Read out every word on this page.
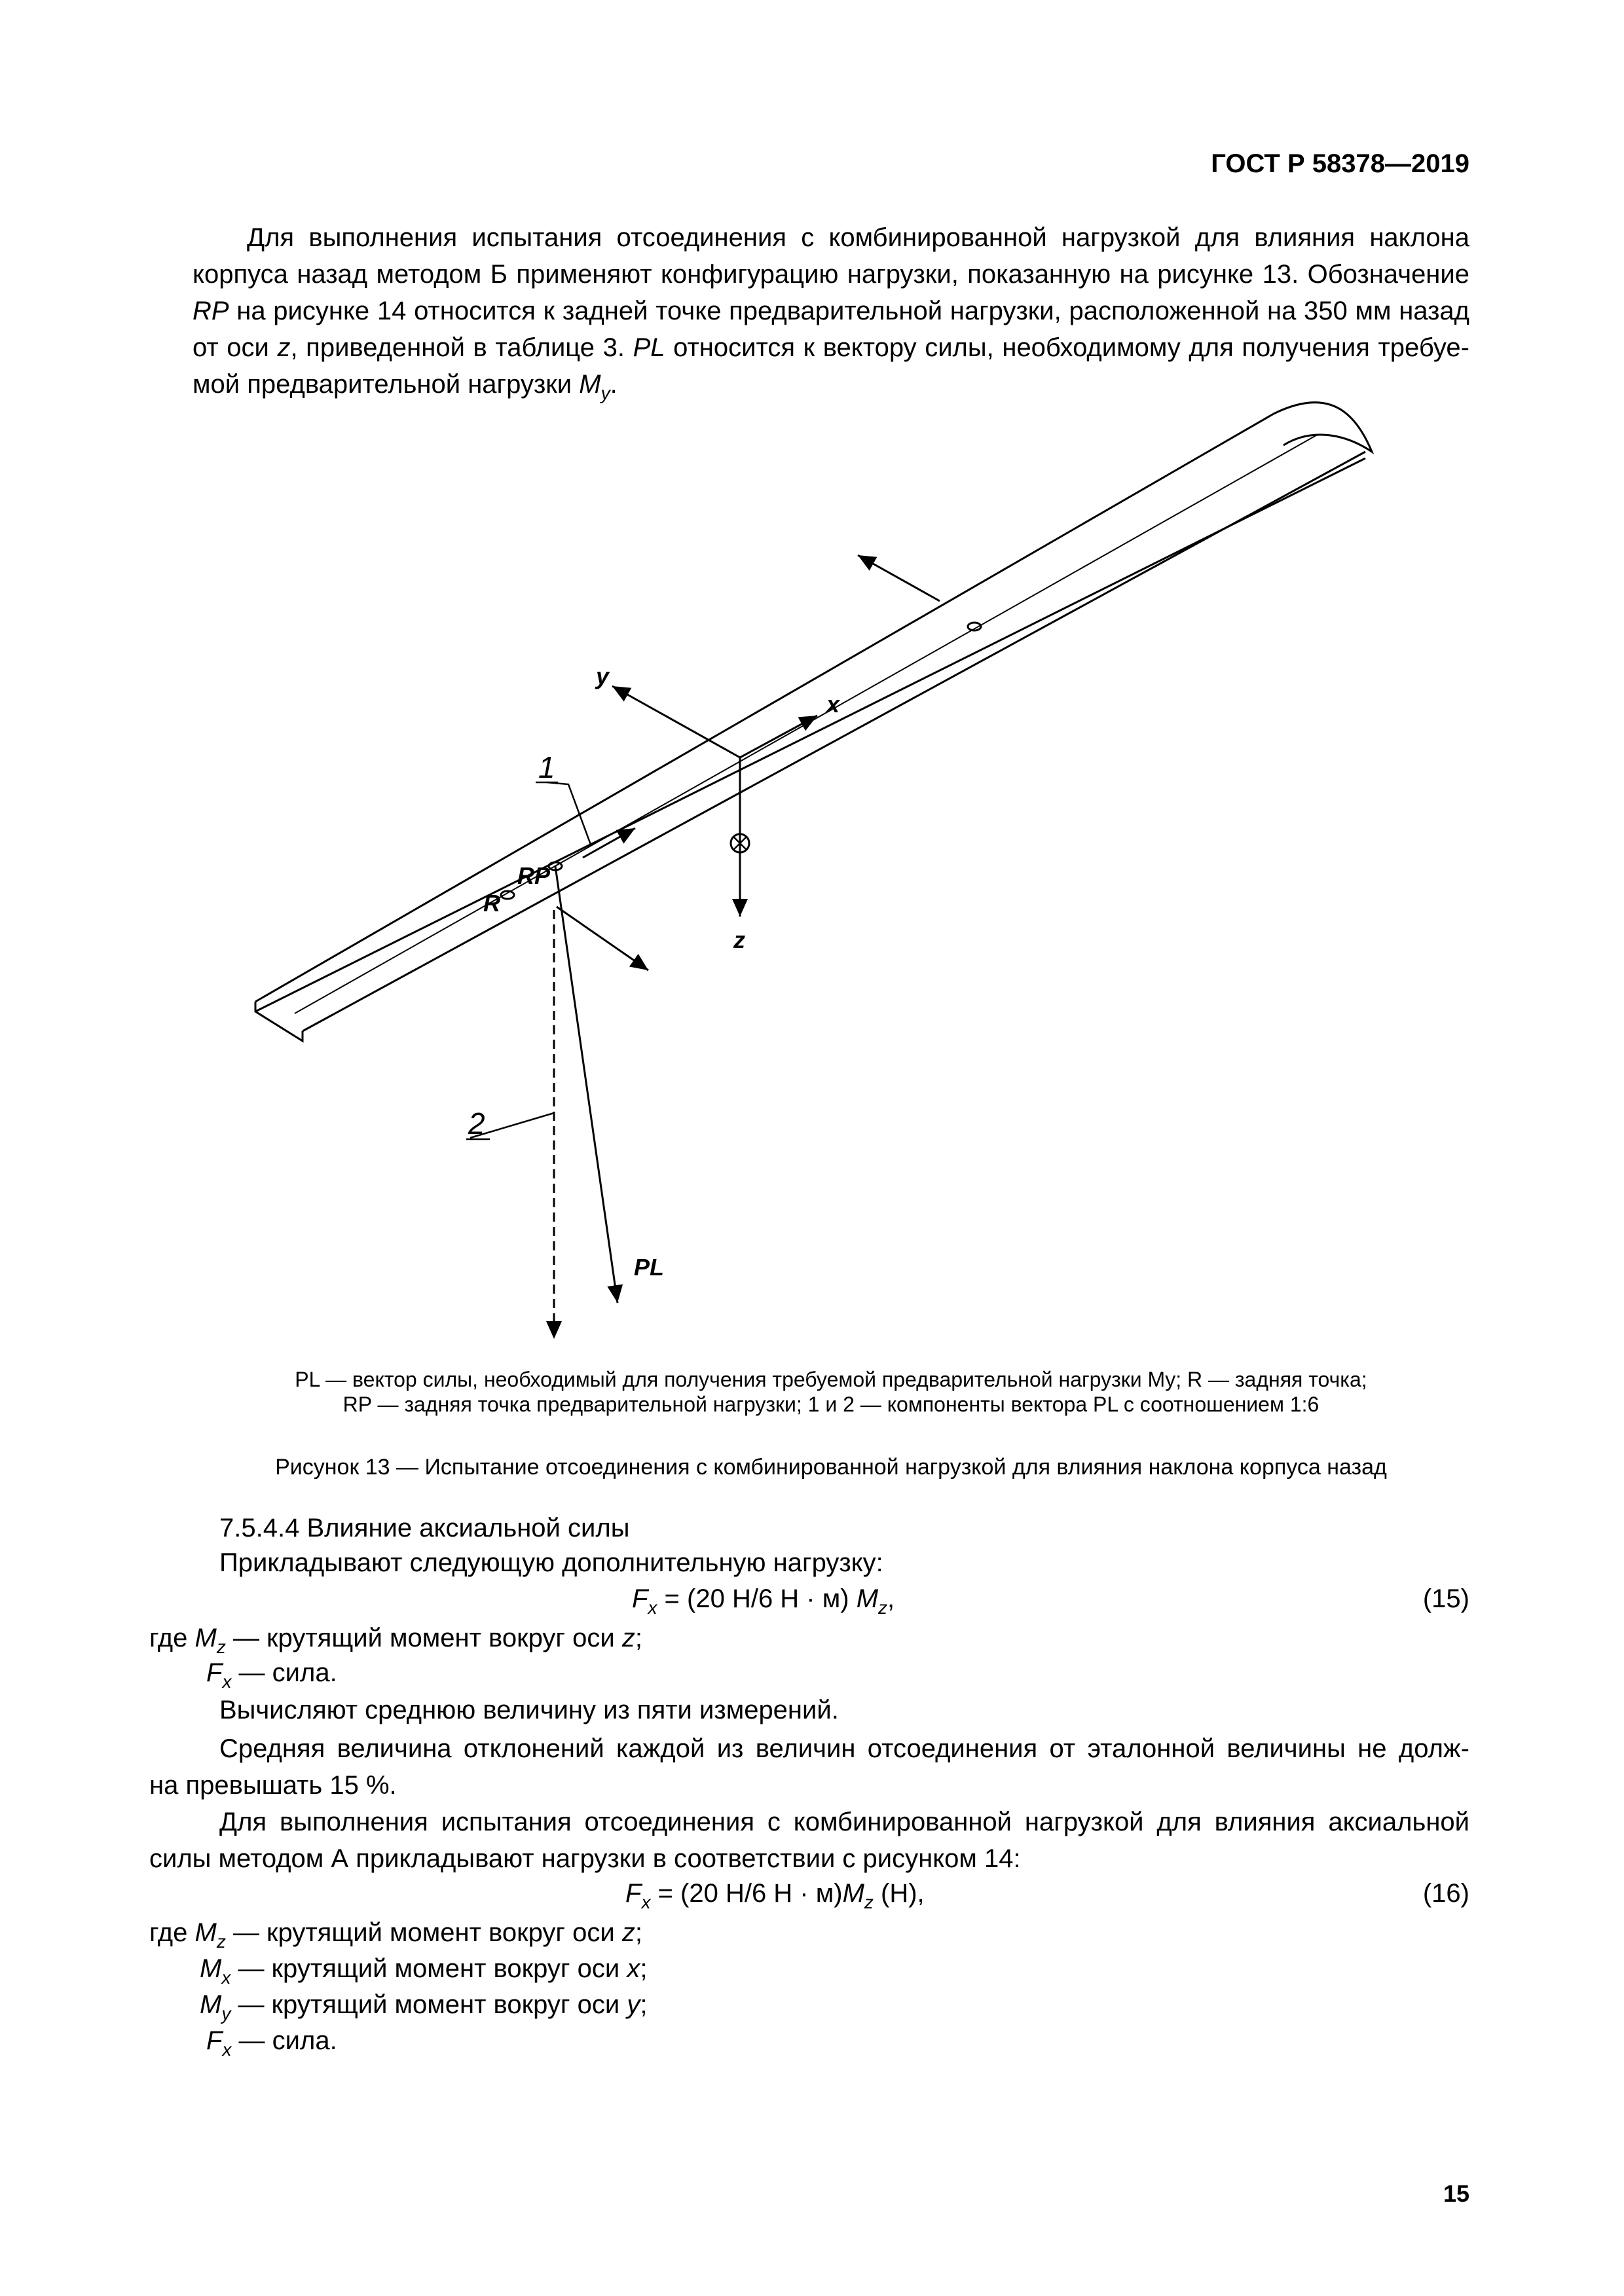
ГОСТ Р 58378—2019

Для выполнения испытания отсоединения с комбинированной нагрузкой для влияния наклона

корпуса назад методом Б применяют конфигурацию нагрузки, показанную на рисунке 13. Обозначение

RP на рисунке 14 относится к задней точке предварительной нагрузки, расположенной на 350 мм назад

от оси z, приведенной в таблице 3. PL относится к вектору силы, необходимому для получения требуе-

мой предварительной нагрузки $M_y$.

y
x
z
1
2
RP
R
PL
PL — вектор силы, необходимый для получения требуемой предварительной нагрузки My; R — задняя точка;
RP — задняя точка предварительной нагрузки; 1 и 2 — компоненты вектора PL с соотношением 1:6
Рисунок 13 — Испытание отсоединения с комбинированной нагрузкой для влияния наклона корпуса назад
7.5.4.4 Влияние аксиальной силы
Прикладывают следующую дополнительную нагрузку:
$F_x = (20$ Н/6 Н · м) $M_z$,	(15)
где $M_z$ — крутящий момент вокруг оси z;
$F_x$ — сила.
Вычисляют среднюю величину из пяти измерений.

Средняя величина отклонений каждой из величин отсоединения от эталонной величины не долж-

на превышать 15 %.

Для выполнения испытания отсоединения с комбинированной нагрузкой для влияния аксиальной

силы методом А прикладывают нагрузки в соответствии с рисунком 14:

$F_x = (20$ Н/6 $Н \cdot м)M_z$ (Н),	(16)
где $M_z$ — крутящий момент вокруг оси z;
$M_x$ — крутящий момент вокруг оси x;
$M_y$ — крутящий момент вокруг оси y;
$F_x$ — сила.
15
